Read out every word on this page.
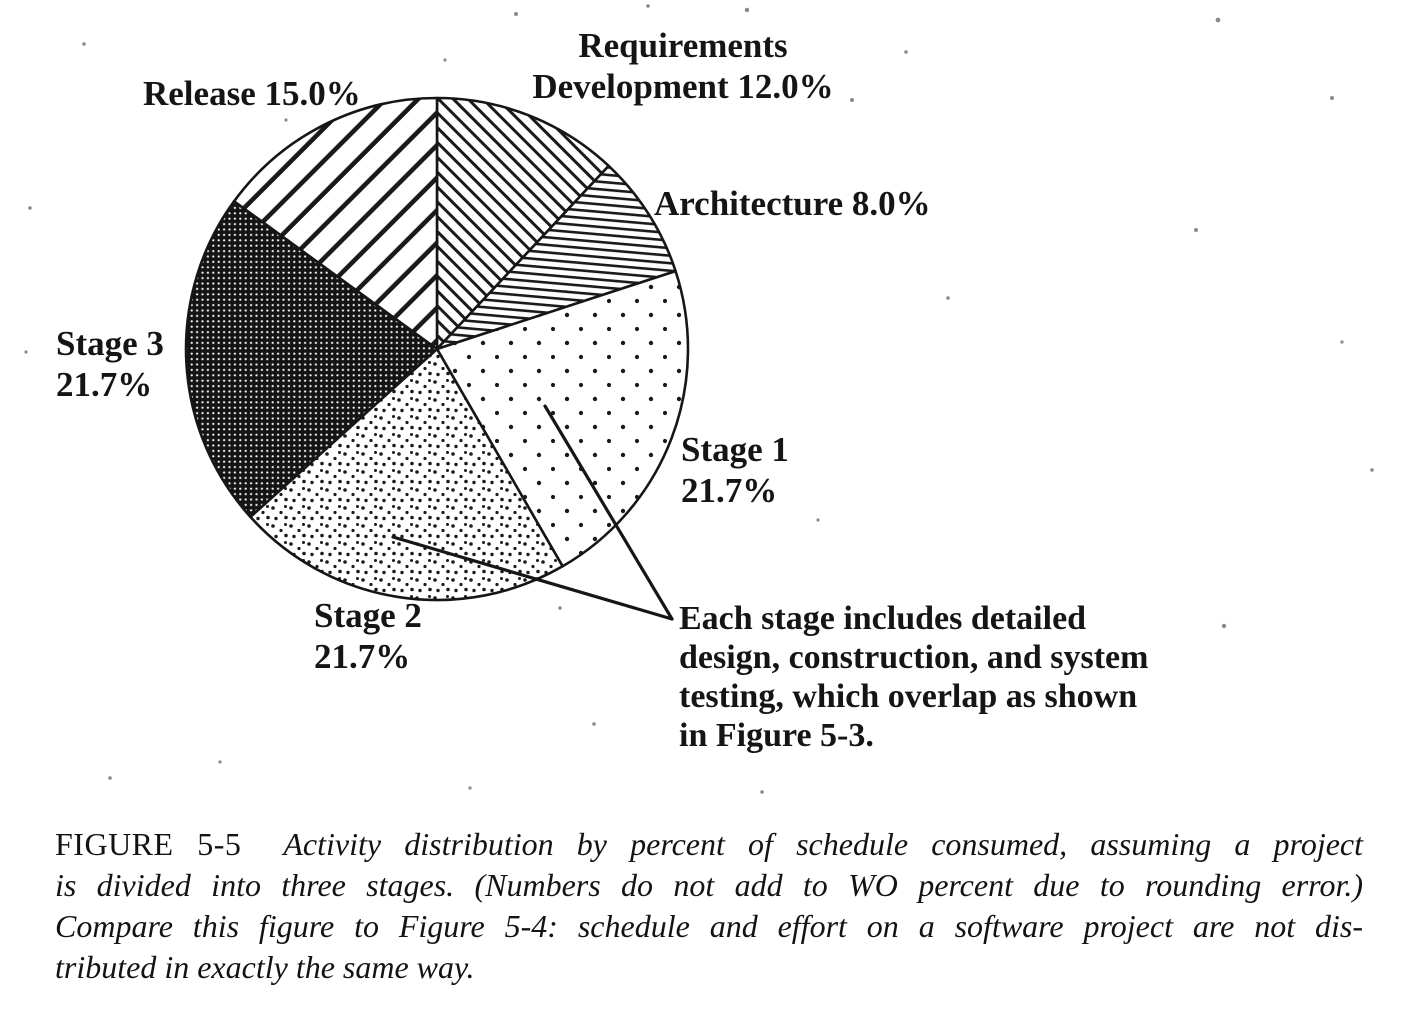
Requirements
Development 12.0%
Release 15.0%
Architecture 8.0%
Stage 3
21.7%
Stage 1
21.7%
Stage 2
21.7%
Each stage includes detailed
design, construction, and system
testing, which overlap as shown
in Figure 5-3.
FIGURE 5-5 Activity distribution by percent of schedule consumed, assuming a project
is divided into three stages. (Numbers do not add to WO percent due to rounding error.)
Compare this figure to Figure 5-4: schedule and effort on a software project are not dis-
tributed in exactly the same way.
